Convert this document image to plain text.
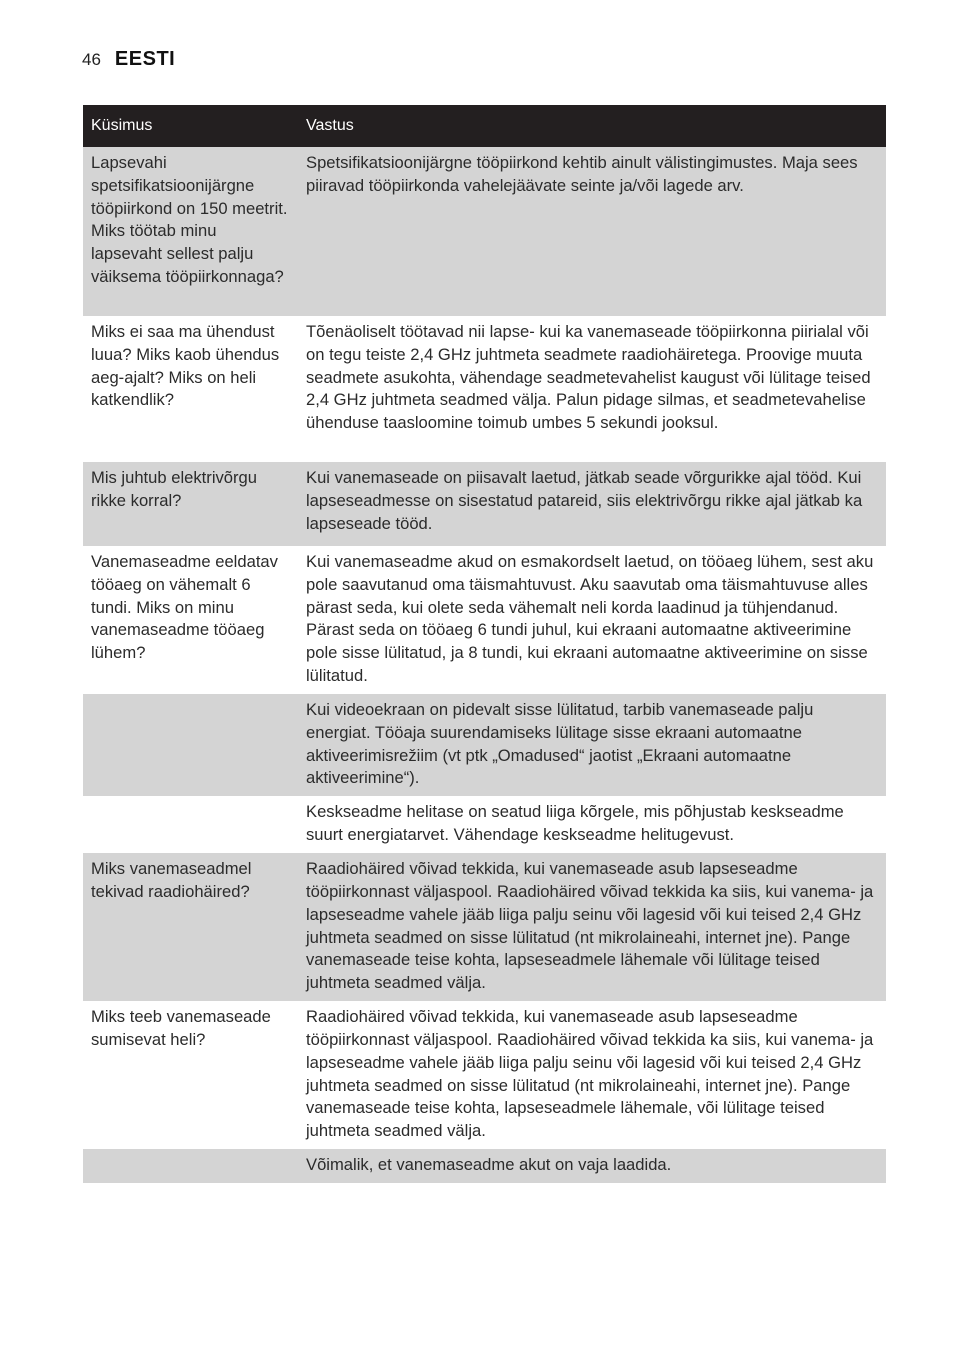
46 EESTI
Küsimus	Vastus
Lapsevahi spetsifikatsioonijärgne tööpiirkond on 150 meetrit. Miks töötab minu lapsevaht sellest palju väiksema tööpiirkonnaga?	Spetsifikatsioonijärgne tööpiirkond kehtib ainult välistingimustes. Maja sees piiravad tööpiirkonda vahelejäävate seinte ja/või lagede arv.
Miks ei saa ma ühendust luua? Miks kaob ühendus aeg-ajalt? Miks on heli katkendlik?	Tõenäoliselt töötavad nii lapse- kui ka vanemaseade tööpiirkonna piirialal või on tegu teiste 2,4 GHz juhtmeta seadmete raadiohäiretega. Proovige muuta seadmete asukohta, vähendage seadmetevahelist kaugust või lülitage teised 2,4 GHz juhtmeta seadmed välja. Palun pidage silmas, et seadmetevahelise ühenduse taasloomine toimub umbes 5 sekundi jooksul.
Mis juhtub elektrivõrgu rikke korral?	Kui vanemaseade on piisavalt laetud, jätkab seade võrgurikke ajal tööd. Kui lapseseadmesse on sisestatud patareid, siis elektrivõrgu rikke ajal jätkab ka lapseseade tööd.
Vanemaseadme eeldatav tööaeg on vähemalt 6 tundi. Miks on minu vanemaseadme tööaeg lühem?	Kui vanemaseadme akud on esmakordselt laetud, on tööaeg lühem, sest aku pole saavutanud oma täismahtuvust. Aku saavutab oma täismahtuvuse alles pärast seda, kui olete seda vähemalt neli korda laadinud ja tühjendanud. Pärast seda on tööaeg 6 tundi juhul, kui ekraani automaatne aktiveerimine pole sisse lülitatud, ja 8 tundi, kui ekraani automaatne aktiveerimine on sisse lülitatud.
	Kui videoekraan on pidevalt sisse lülitatud, tarbib vanemaseade palju energiat. Tööaja suurendamiseks lülitage sisse ekraani automaatne aktiveerimisrežiim (vt ptk „Omadused“ jaotist „Ekraani automaatne aktiveerimine“).
	Keskseadme helitase on seatud liiga kõrgele, mis põhjustab keskseadme suurt energiatarvet. Vähendage keskseadme helitugevust.
Miks vanemaseadmel tekivad raadiohäired?	Raadiohäired võivad tekkida, kui vanemaseade asub lapseseadme tööpiirkonnast väljaspool. Raadiohäired võivad tekkida ka siis, kui vanema- ja lapseseadme vahele jääb liiga palju seinu või lagesid või kui teised 2,4 GHz juhtmeta seadmed on sisse lülitatud (nt mikrolaineahi, internet jne). Pange vanemaseade teise kohta, lapseseadmele lähemale või lülitage teised juhtmeta seadmed välja.
Miks teeb vanemaseade sumisevat heli?	Raadiohäired võivad tekkida, kui vanemaseade asub lapseseadme tööpiirkonnast väljaspool. Raadiohäired võivad tekkida ka siis, kui vanema- ja lapseseadme vahele jääb liiga palju seinu või lagesid või kui teised 2,4 GHz juhtmeta seadmed on sisse lülitatud (nt mikrolaineahi, internet jne). Pange vanemaseade teise kohta, lapseseadmele lähemale, või lülitage teised juhtmeta seadmed välja.
	Võimalik, et vanemaseadme akut on vaja laadida.
